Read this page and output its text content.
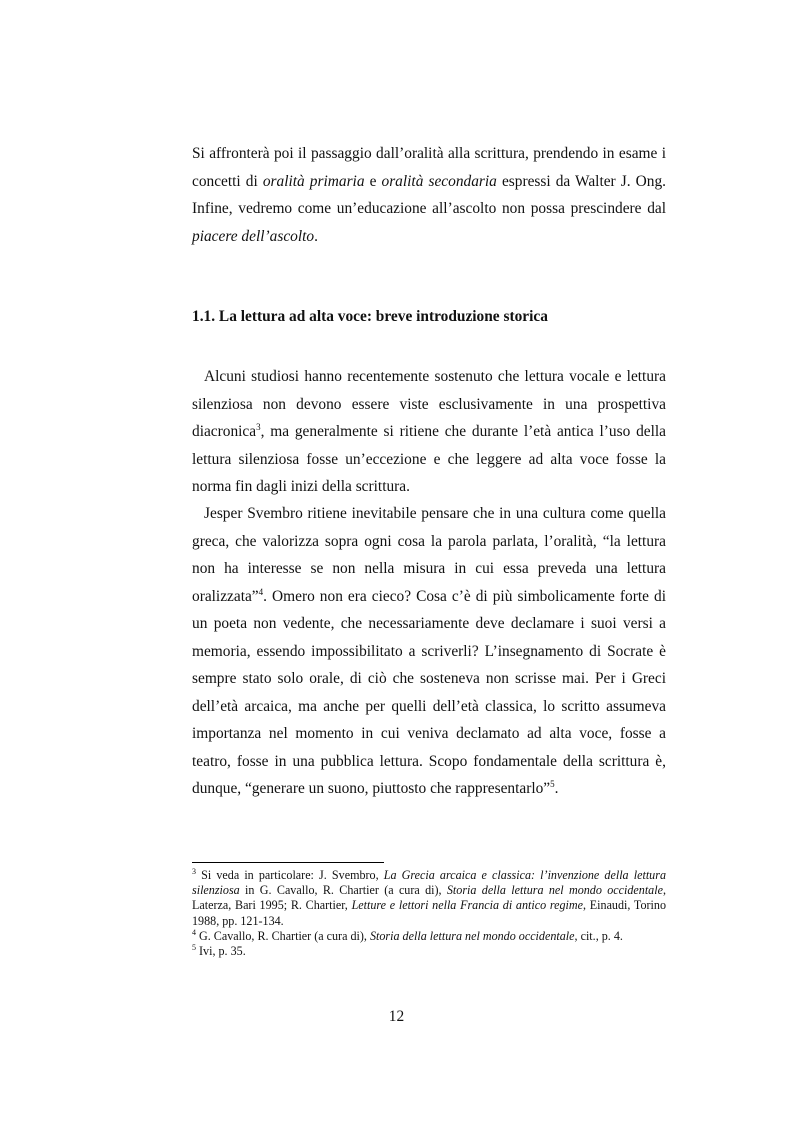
Si affronterà poi il passaggio dall’oralità alla scrittura, prendendo in esame i concetti di oralità primaria e oralità secondaria espressi da Walter J. Ong. Infine, vedremo come un’educazione all’ascolto non possa prescindere dal piacere dell’ascolto.

1.1. La lettura ad alta voce: breve introduzione storica

Alcuni studiosi hanno recentemente sostenuto che lettura vocale e lettura silenziosa non devono essere viste esclusivamente in una prospettiva diacronica$^3$, ma generalmente si ritiene che durante l’età antica l’uso della lettura silenziosa fosse un’eccezione e che leggere ad alta voce fosse la norma fin dagli inizi della scrittura.

Jesper Svembro ritiene inevitabile pensare che in una cultura come quella greca, che valorizza sopra ogni cosa la parola parlata, l’oralità, “la lettura non ha interesse se non nella misura in cui essa preveda una lettura oralizzata”$^4$. Omero non era cieco? Cosa c’è di più simbolicamente forte di un poeta non vedente, che necessariamente deve declamare i suoi versi a memoria, essendo impossibilitato a scriverli? L’insegnamento di Socrate è sempre stato solo orale, di ciò che sosteneva non scrisse mai. Per i Greci dell’età arcaica, ma anche per quelli dell’età classica, lo scritto assumeva importanza nel momento in cui veniva declamato ad alta voce, fosse a teatro, fosse in una pubblica lettura. Scopo fondamentale della scrittura è, dunque, “generare un suono, piuttosto che rappresentarlo”$^5$.

$^3$ Si veda in particolare: J. Svembro, La Grecia arcaica e classica: l’invenzione della lettura silenziosa in G. Cavallo, R. Chartier (a cura di), Storia della lettura nel mondo occidentale, Laterza, Bari 1995; R. Chartier, Letture e lettori nella Francia di antico regime, Einaudi, Torino 1988, pp. 121-134.

$^4$ G. Cavallo, R. Chartier (a cura di), Storia della lettura nel mondo occidentale, cit., p. 4.

$^5$ Ivi, p. 35.

12
